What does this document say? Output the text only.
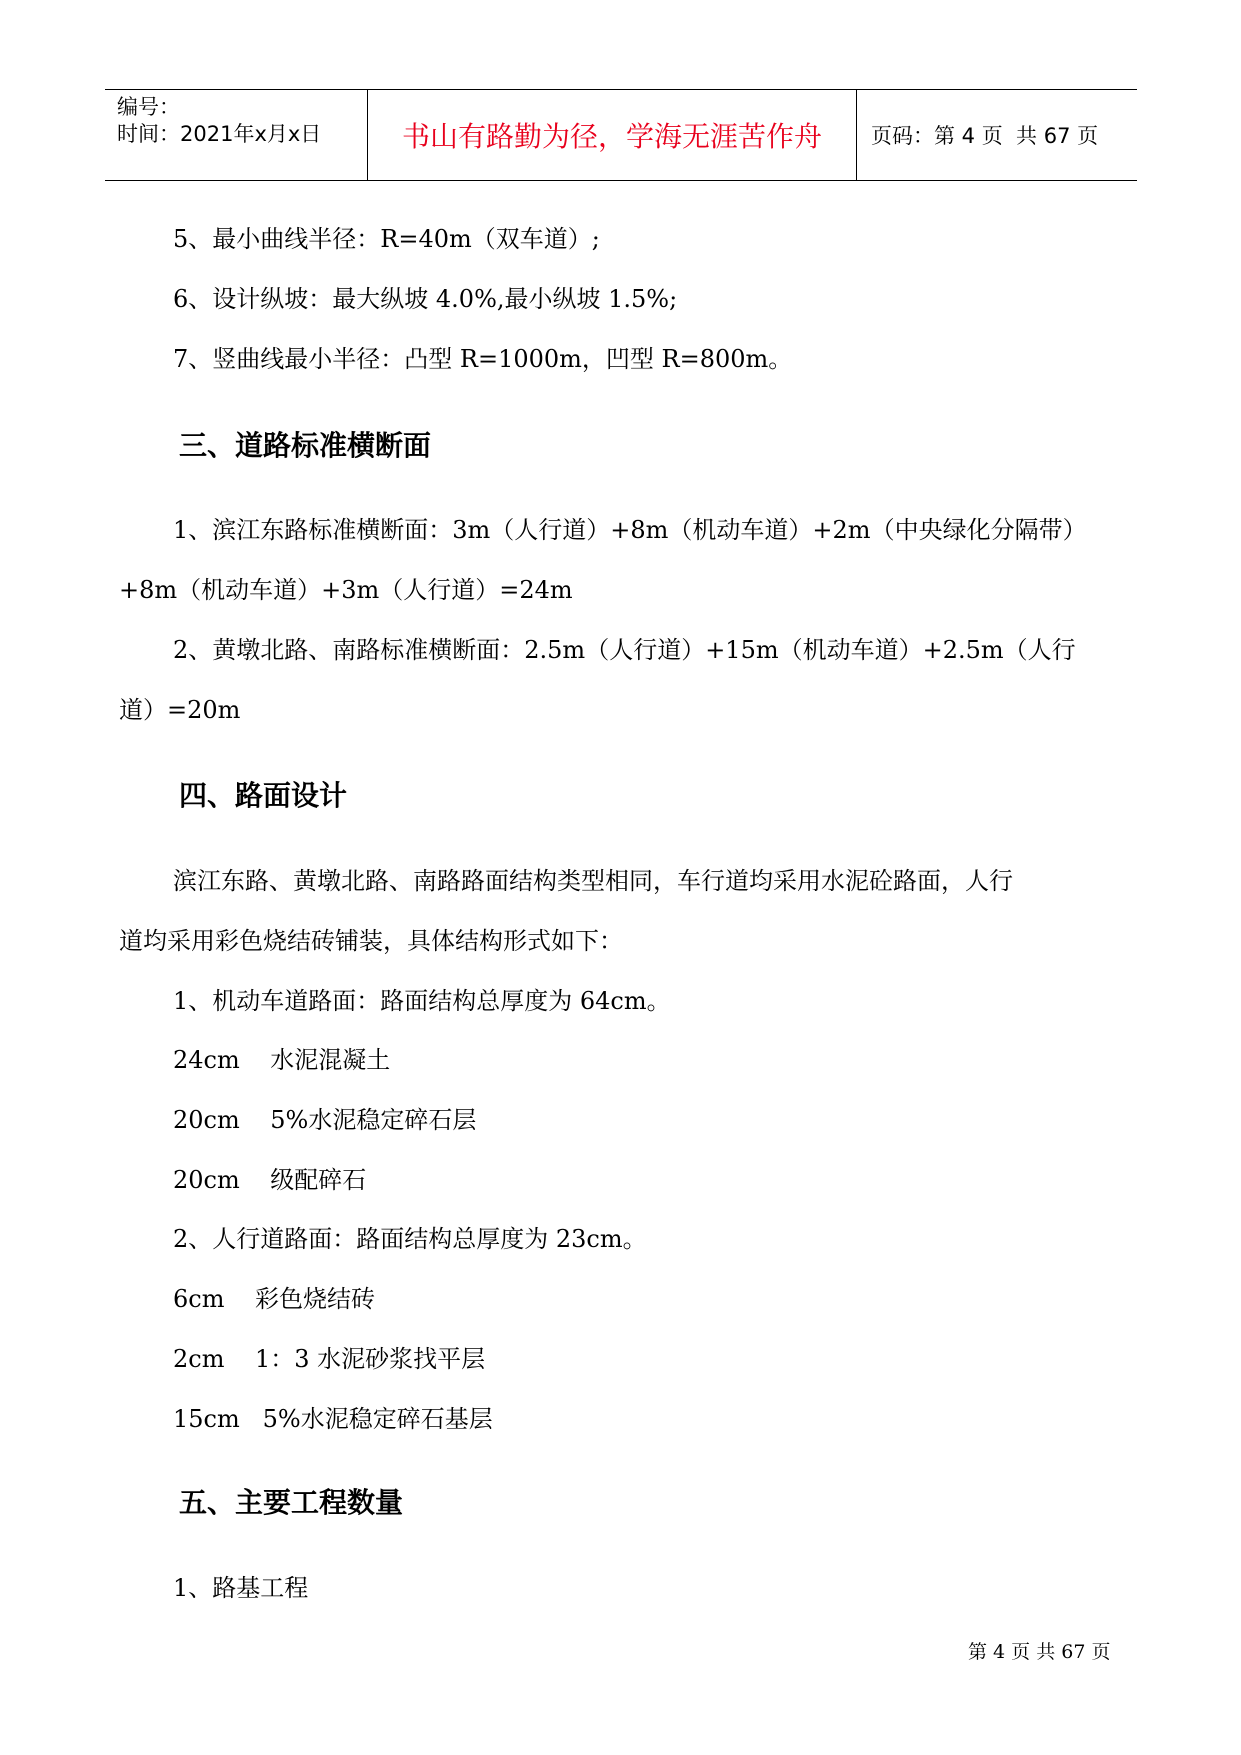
编号：
时间：2021年x月x日	书山有路勤为径，学海无涯苦作舟	页码：第 4 页  共 67 页
5、最小曲线半径：R=40m（双车道）;
6、设计纵坡：最大纵坡 4.0%,最小纵坡 1.5%;
7、竖曲线最小半径：凸型 R=1000m，凹型 R=800m。
三、道路标准横断面
1、滨江东路标准横断面：3m（人行道）+8m（机动车道）+2m（中央绿化分隔带）
+8m（机动车道）+3m（人行道）=24m
2、黄墩北路、南路标准横断面：2.5m（人行道）+15m（机动车道）+2.5m（人行
道）=20m
四、路面设计
滨江东路、黄墩北路、南路路面结构类型相同，车行道均采用水泥砼路面，人行
道均采用彩色烧结砖铺装，具体结构形式如下：
1、机动车道路面：路面结构总厚度为 64cm。
24cm    水泥混凝土
20cm    5%水泥稳定碎石层
20cm    级配碎石
2、人行道路面：路面结构总厚度为 23cm。
6cm    彩色烧结砖
2cm    1：3 水泥砂浆找平层
15cm   5%水泥稳定碎石基层
五、主要工程数量
1、路基工程
第 4 页 共 67 页
